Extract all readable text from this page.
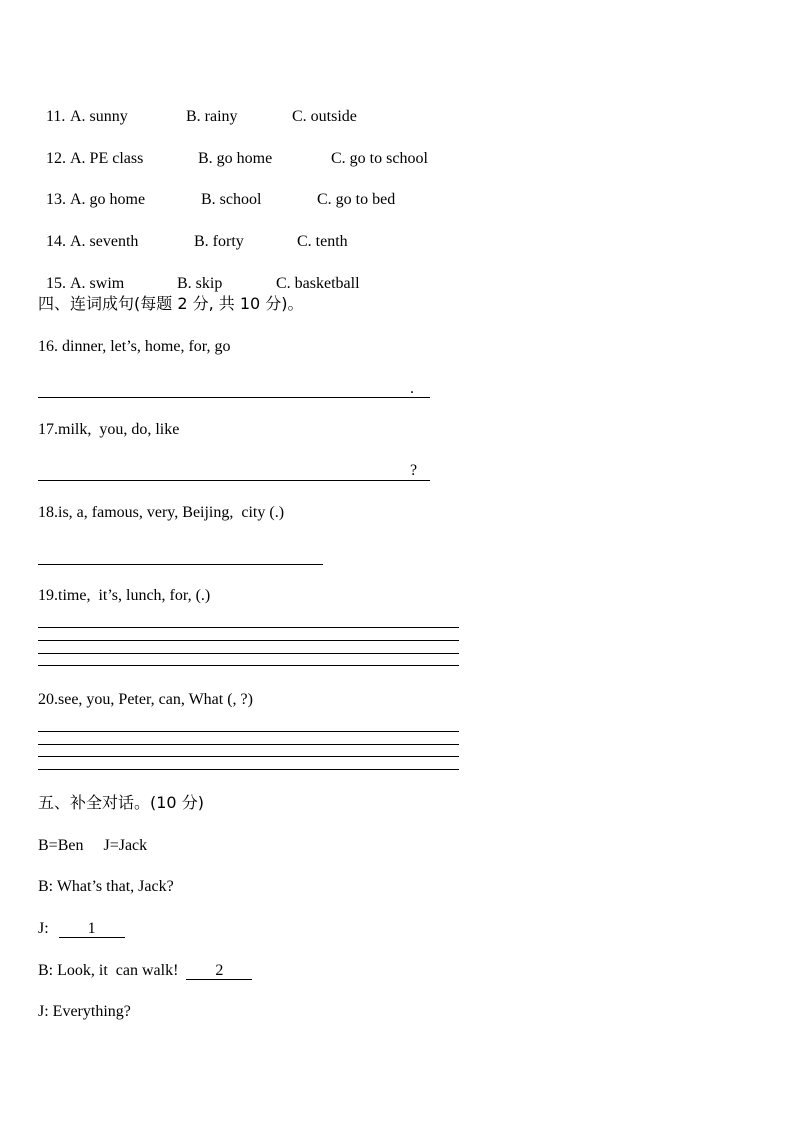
11. A. sunny	B. rainy	C. outside

12. A. PE class	B. go home	C. go to school

13. A. go home	B. school	C. go to bed

14. A. seventh	B. forty	C. tenth

15. A. swim	B. skip	C. basketball

四、连词成句(每题 2 分, 共 10 分)。
16. dinner, let’s, home, for, go
.
17.milk,  you, do, like
?
18.is, a, famous, very, Beijing,  city (.)
19.time,  it’s, lunch, for, (.)
20.see, you, Peter, can, What (, ?)
五、补全对话。(10 分)
B=Ben     J=Jack
B: What’s that, Jack?
J: 1
B: Look, it  can walk!  2
J: Everything?
